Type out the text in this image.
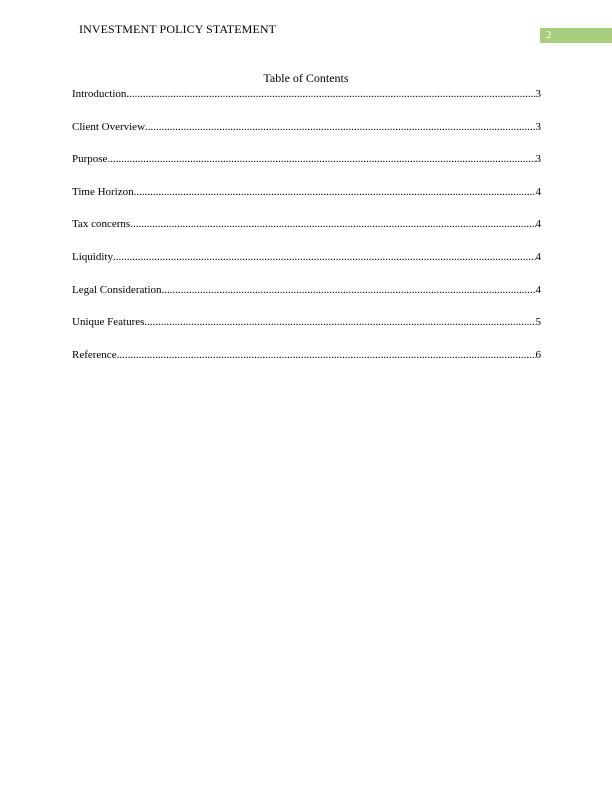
INVESTMENT POLICY STATEMENT	2
Table of Contents
Introduction .....	3
Client Overview .....	3
Purpose .....	3
Time Horizon .....	4
Tax concerns .....	4
Liquidity .....	4
Legal Consideration .....	4
Unique Features .....	5
Reference .....	6
